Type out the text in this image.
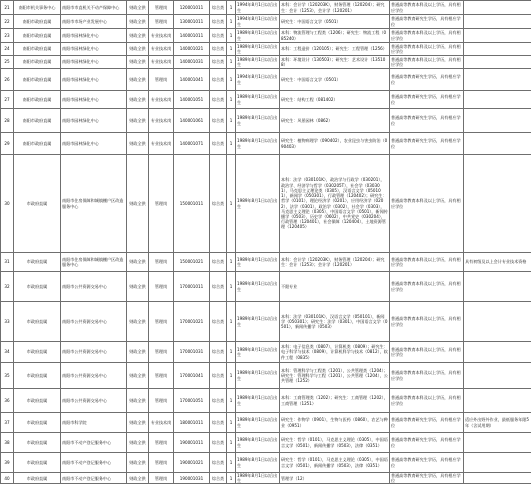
21	南阳市机关事务中心	南阳市市直机关不动产保障中心	财政全供	管理岗	120001011	综合类	1	1994年8月1日以后出生	本科：会计学（120203K），财务管理（120204）；研究生：会计（1253），会计学（120201）	普通高等教育本科及以上学历，具有相应学位	
22	南阳市政府直属	南阳市市场产业发展中心	财政全供	管理岗	130001011	综合类	1	1994年8月1日以后出生	研究生：中国语言文学（0501）	普通高等教育研究生学历，具有相应学位	
23	南阳市政府直属	南阳市园林绿化中心	财政全供	专业技术岗	140001011	综合类	1	1989年8月1日以后出生	本科：物流管理与工程类（1206）；研究生：物流工程（085240）	普通高等教育本科及以上学历，具有相应学位	
24	南阳市政府直属	南阳市园林绿化中心	财政全供	专业技术岗	140001021	综合类	1	1989年8月1日以后出生	本科：工程造价（120105）；研究生：工程管理（1256）	普通高等教育本科及以上学历，具有相应学位	
25	南阳市政府直属	南阳市园林绿化中心	财政全供	专业技术岗	140001031	综合类	1	1989年8月1日以后出生	本科：环境设计（130503）；研究生：艺术设计（135108）	普通高等教育本科及以上学历，具有相应学位	
26	南阳市政府直属	南阳市园林绿化中心	财政全供	管理岗	140001041	综合类	1	1994年8月1日以后出生	研究生：中国语言文学（0501）	普通高等教育研究生学历，具有相应学位	
27	南阳市政府直属	南阳市园林绿化中心	财政全供	专业技术岗	140001051	综合类	1	1989年8月1日以后出生	研究生：结构工程（081402）	普通高等教育研究生学历，具有相应学位	
28	南阳市政府直属	南阳市园林绿化中心	财政全供	专业技术岗	140001061	综合类	1	1989年8月1日以后出生	研究生：风景园林（0862）	普通高等教育研究生学历，具有相应学位	
29	南阳市政府直属	南阳市园林绿化中心	财政全供	专业技术岗	140001071	综合类	1	1989年8月1日以后出生	研究生：植物病理学（090402），农业昆虫与害虫防治（090403）	普通高等教育研究生学历，具有相应学位	
30	市政府直属	南阳市住房保障和城镇棚户区改造服务中心	财政全供	管理岗	150001011	综合类	1	1989年8月1日以后出生	本科：法学（030101K），政治学与行政学（030201），政治学、经济学与哲学（030205T），社会学（030301），马克思主义理论类（0305），汉语言文学（050101），新闻学（050301），行政管理（120402）；研究生：哲学（0101），理论经济学（0201），应用经济学（0202），法学（0301），政治学（0302），社会学（0303），马克思主义理论（0305），中国语言文学（0501），新闻传播学（0503），历史学（0602），中共党史（030204），行政管理（120401），社会保障（120404），土地资源管理（120405）	普通高等教育本科及以上学历，具有相应学位	
31	市政府直属	南阳市住房保障和城镇棚户区改造服务中心	财政全供	管理岗	150001021	综合类	1	1989年8月1日以后出生	本科：会计学（120203K），财务管理（120204）；研究生：会计（1253）；会计学（120201）	普通高等教育本科及以上学历，具有相应学位	具有初级及以上会计专业技术资格
32	市政府直属	南阳市公共资源交易中心	财政全供	管理岗	170001011	综合类	1	1989年8月1日以后出生	不限专业	普通高等教育本科及以上学历，具有相应学位	
33	市政府直属	南阳市公共资源交易中心	财政全供	管理岗	170001021	综合类	1	1989年8月1日以后出生	本科：法学（030101K），汉语言文学（050101），新闻学（050301）；研究生：法学（0301），中国语言文学（0501），新闻传播学（0503）	普通高等教育本科及以上学历，具有相应学位	
34	市政府直属	南阳市公共资源交易中心	财政全供	管理岗	170001031	综合类	1	1989年8月1日以后出生	本科：电子信息类（0807），计算机类（0809）；研究生：电子科学与技术（0809），计算机科学与技术（0812），软件工程（0835）	普通高等教育本科及以上学历，具有相应学位	
35	市政府直属	南阳市公共资源交易中心	财政全供	管理岗	170001041	综合类	1	1989年8月1日以后出生	本科：管理科学与工程类（1201），公共管理类（1204）；研究生：管理科学与工程（1201），公共管理（1204），公共管理（1252）	普通高等教育本科及以上学历，具有相应学位	
36	市政府直属	南阳市公共资源交易中心	财政全供	管理岗	170001051	综合类	1	1989年8月1日以后出生	本科：工商管理类（1202）；研究生：工商管理（1202），工商管理（1251）	普通高等教育本科及以上学历，具有相应学位	
37	市政府直属	南阳市科学院	财政全供	专业技术岗	180001011	综合类	1	1989年8月1日以后出生	研究生：作物学（0901），生物与医药（0860），农艺与种业（0951）	普通高等教育研究生学历，具有相应学位	适应外出野外作业，最低服务年限5年（含试用期）
38	市政府直属	南阳市不动产登记服务中心	财政全供	管理岗	190001011	综合类	1	1989年8月1日以后出生	研究生：哲学（0101），马克思主义理论（0305），中国语言文学（0501），新闻传播学（0503），法律（0351）	普通高等教育研究生学历，具有相应学位	
39	市政府直属	南阳市不动产登记服务中心	财政全供	管理岗	190001021	综合类	1	1989年8月1日以后出生	研究生：哲学（0101），马克思主义理论（0305），中国语言文学（0501），新闻传播学（0503），法律（0351）	普通高等教育研究生学历，具有相应学位	
40	市政府直属	南阳市不动产登记服务中心	财政全供	管理岗	190001031	综合类	1	1989年8月1日以后出生	管理学（12）	普通高等教育研究生学历，具有相应学位	
